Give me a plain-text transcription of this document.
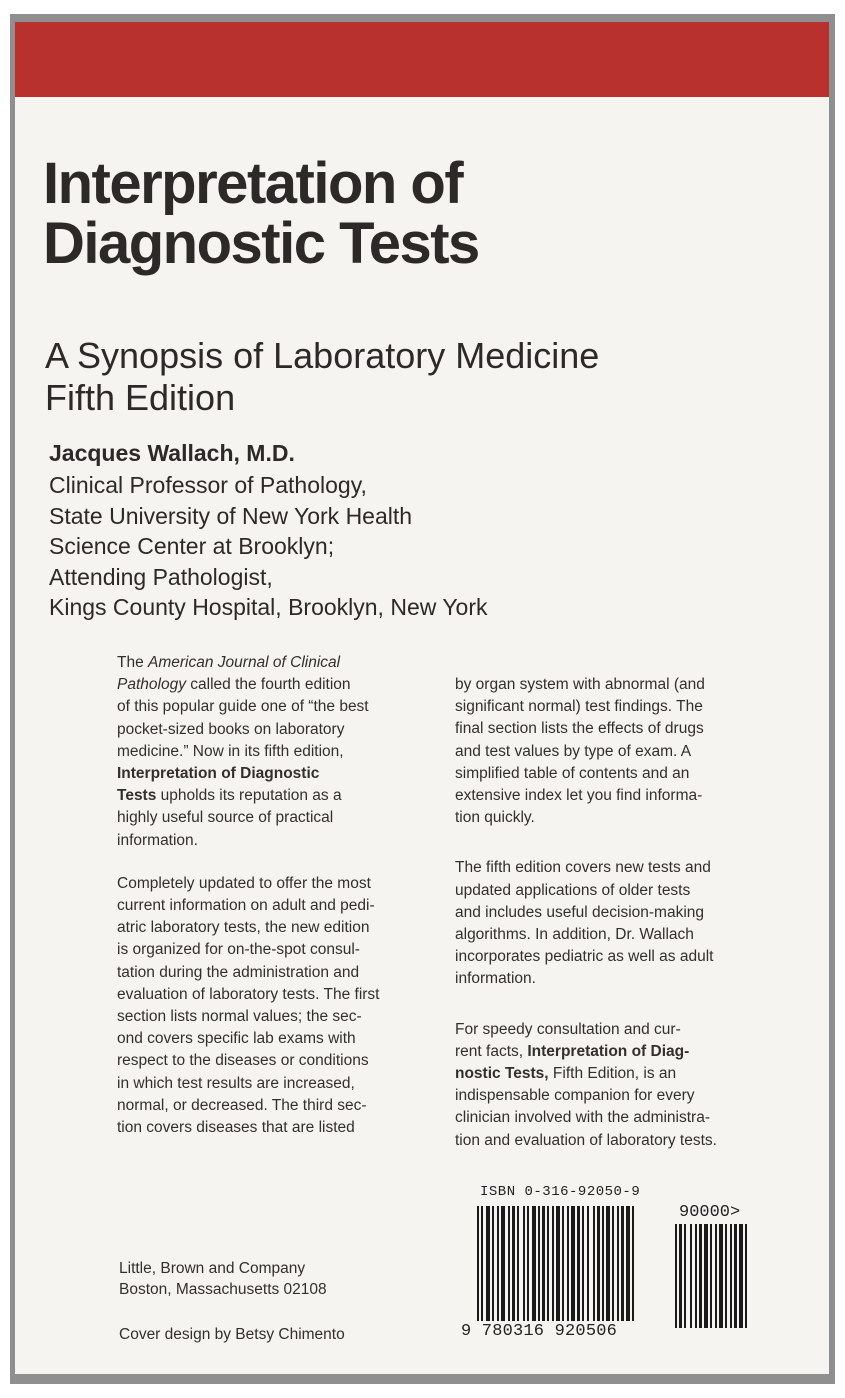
Interpretation of
Diagnostic Tests
A Synopsis of Laboratory Medicine
Fifth Edition
Jacques Wallach, M.D.
Clinical Professor of Pathology,
State University of New York Health
Science Center at Brooklyn;
Attending Pathologist,
Kings County Hospital, Brooklyn, New York

The American Journal of Clinical
Pathology called the fourth edition
of this popular guide one of “the best
pocket-sized books on laboratory
medicine.” Now in its fifth edition,
Interpretation of Diagnostic
Tests upholds its reputation as a
highly useful source of practical
information.

Completely updated to offer the most
current information on adult and pedi-
atric laboratory tests, the new edition
is organized for on-the-spot consul-
tation during the administration and
evaluation of laboratory tests. The first
section lists normal values; the sec-
ond covers specific lab exams with
respect to the diseases or conditions
in which test results are increased,
normal, or decreased. The third sec-
tion covers diseases that are listed

by organ system with abnormal (and
significant normal) test findings. The
final section lists the effects of drugs
and test values by type of exam. A
simplified table of contents and an
extensive index let you find informa-
tion quickly.

The fifth edition covers new tests and
updated applications of older tests
and includes useful decision-making
algorithms. In addition, Dr. Wallach
incorporates pediatric as well as adult
information.

For speedy consultation and cur-
rent facts, Interpretation of Diag-
nostic Tests, Fifth Edition, is an
indispensable companion for every
clinician involved with the administra-
tion and evaluation of laboratory tests.

Little, Brown and Company
Boston, Massachusetts 02108
Cover design by Betsy Chimento
ISBN 0-316-92050-9
90000>
9 780316 920506
